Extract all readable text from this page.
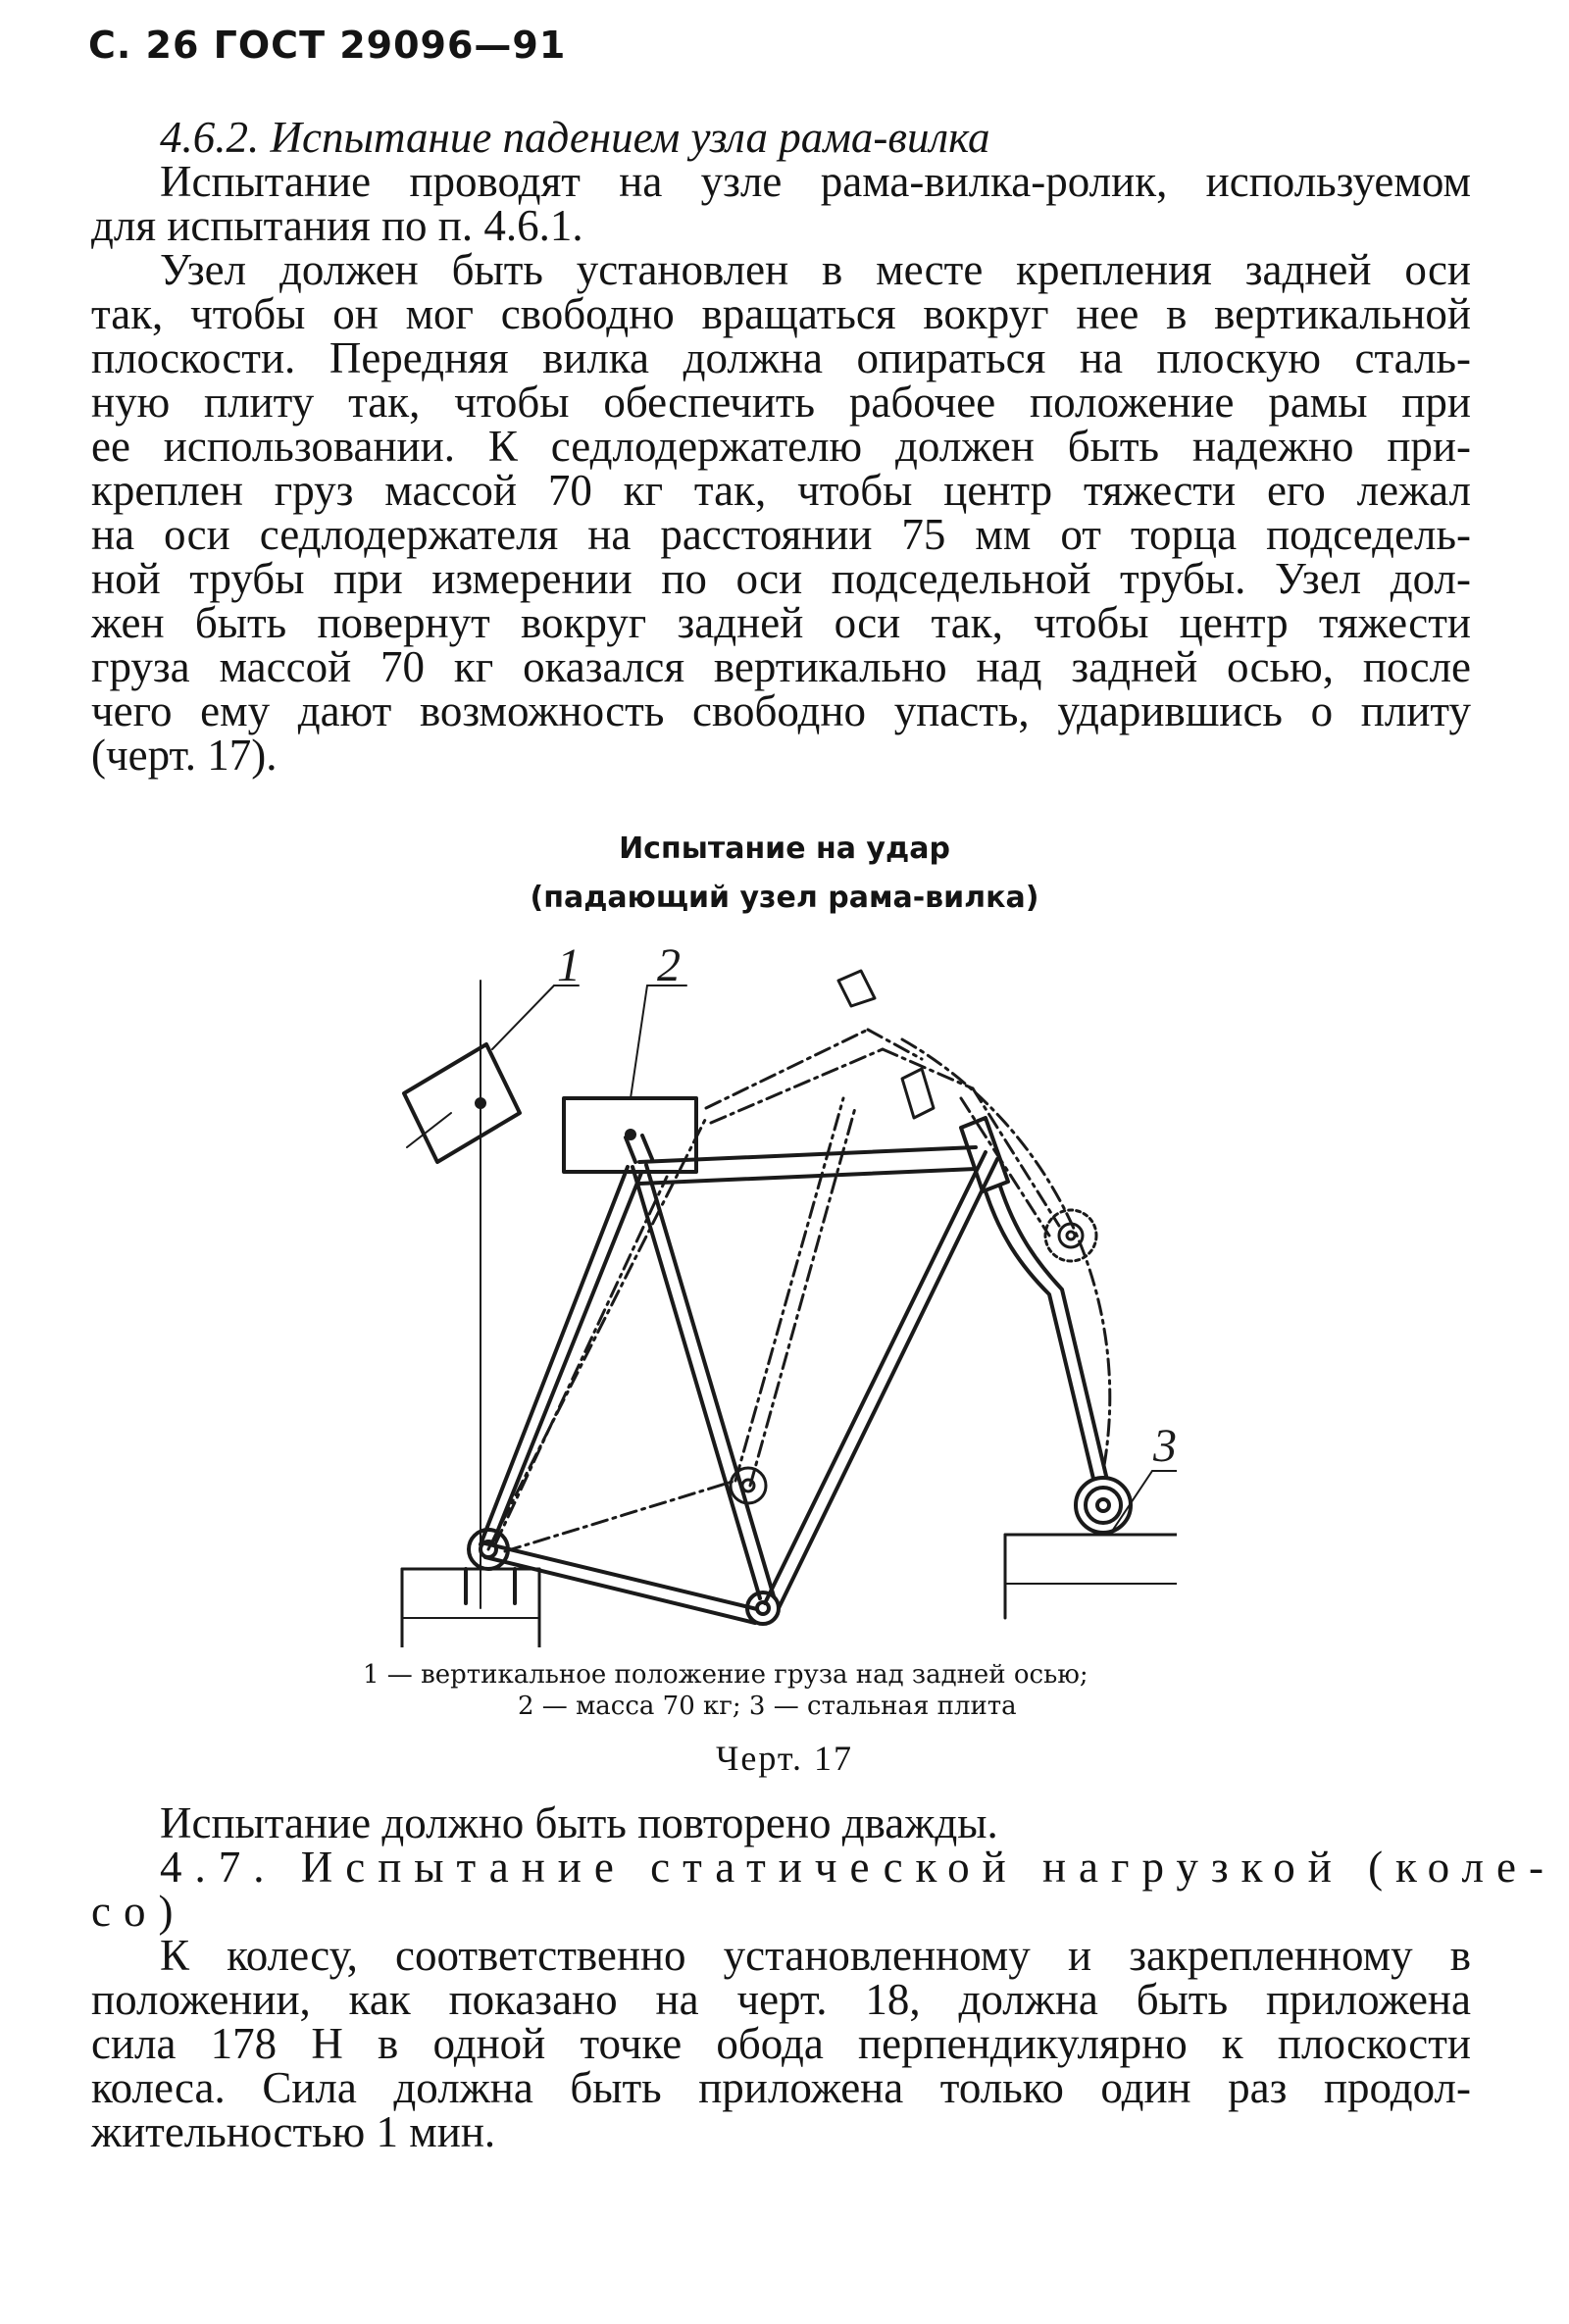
С. 26 ГОСТ 29096—91
4.6.2. Испытание падением узла рама-вилка
Испытание проводят на узле рама-вилка-ролик, используемом
для испытания по п. 4.6.1.
Узел должен быть установлен в месте крепления задней оси
так, чтобы он мог свободно вращаться вокруг нее в вертикальной
плоскости. Передняя вилка должна опираться на плоскую сталь-
ную плиту так, чтобы обеспечить рабочее положение рамы при
ее использовании. К седлодержателю должен быть надежно при-
креплен груз массой 70 кг так, чтобы центр тяжести его лежал
на оси седлодержателя на расстоянии 75 мм от торца подседель-
ной трубы при измерении по оси подседельной трубы. Узел дол-
жен быть повернут вокруг задней оси так, чтобы центр тяжести
груза массой 70 кг оказался вертикально над задней осью, после
чего ему дают возможность свободно упасть, ударившись о плиту
(черт. 17).
Испытание на удар
(падающий узел рама-вилка)
1 2
3
1 — вертикальное положение груза над задней осью;
2 — масса 70 кг; 3 — стальная плита
Черт. 17
Испытание должно быть повторено дважды.
4.7. Испытание статической нагрузкой (коле-
со)
К колесу, соответственно установленному и закрепленному в
положении, как показано на черт. 18, должна быть приложена
сила 178 Н в одной точке обода перпендикулярно к плоскости
колеса. Сила должна быть приложена только один раз продол-
жительностью 1 мин.
